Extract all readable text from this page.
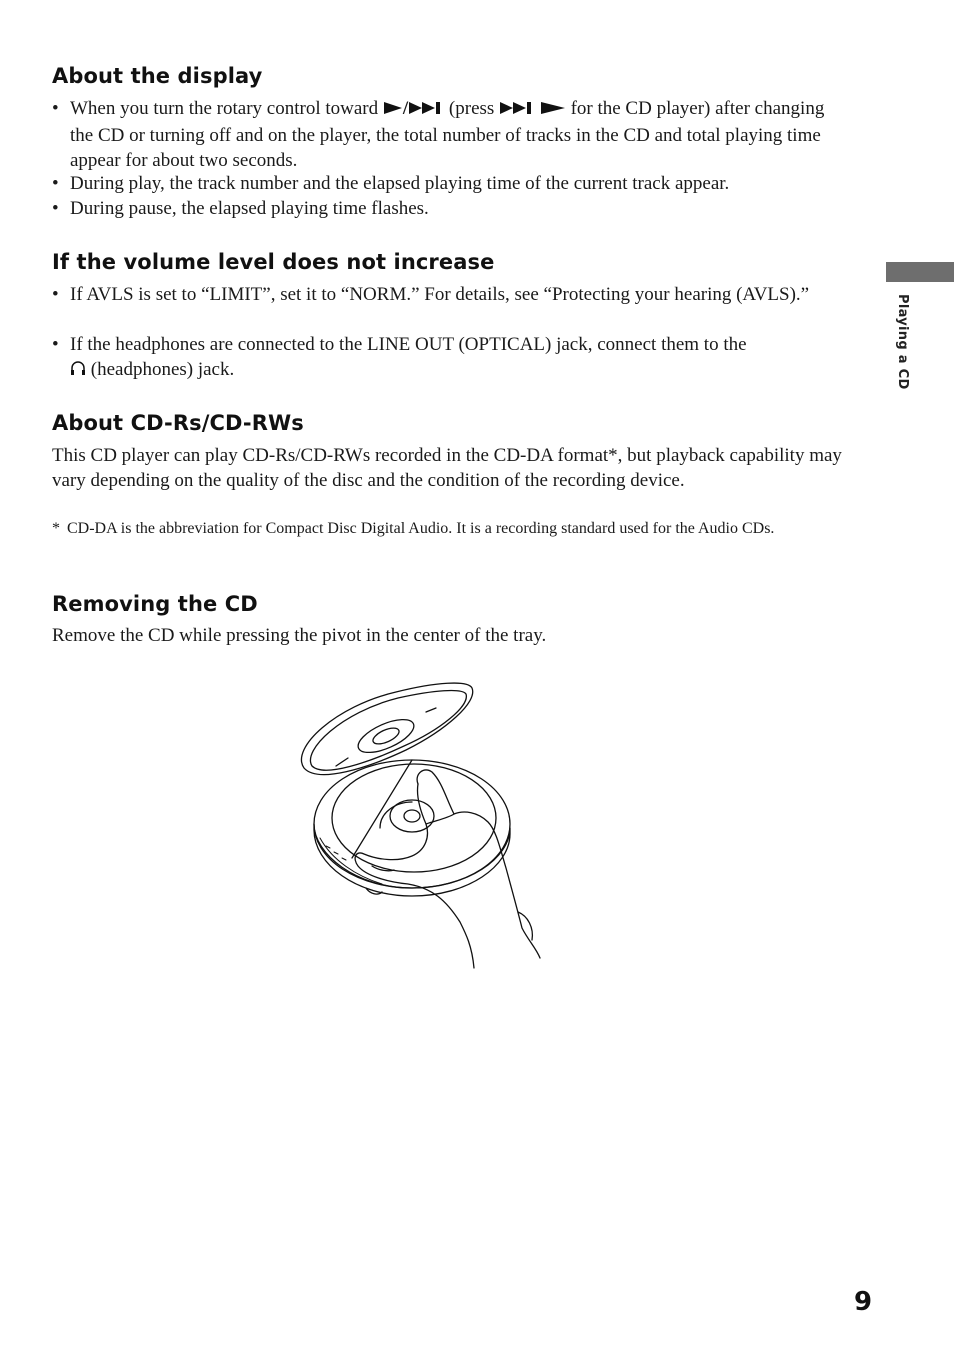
Playing a CD
About the display
• When you turn the rotary control toward / (press	for the CD player) after changing the CD or turning off and on the player, the total number of tracks in the CD and total playing time appear for about two seconds.
• During play, the track number and the elapsed playing time of the current track appear.
• During pause, the elapsed playing time flashes.
If the volume level does not increase
• If AVLS is set to “LIMIT”, set it to “NORM.” For details, see “Protecting your hearing (AVLS).”
• If the headphones are connected to the LINE OUT (OPTICAL) jack, connect them to the
(headphones) jack.
About CD-Rs/CD-RWs

This CD player can play CD-Rs/CD-RWs recorded in the CD-DA format*, but playback capability may vary depending on the quality of the disc and the condition of the recording device.

* CD-DA is the abbreviation for Compact Disc Digital Audio. It is a recording standard used for the Audio CDs.
Removing the CD

Remove the CD while pressing the pivot in the center of the tray.

9
